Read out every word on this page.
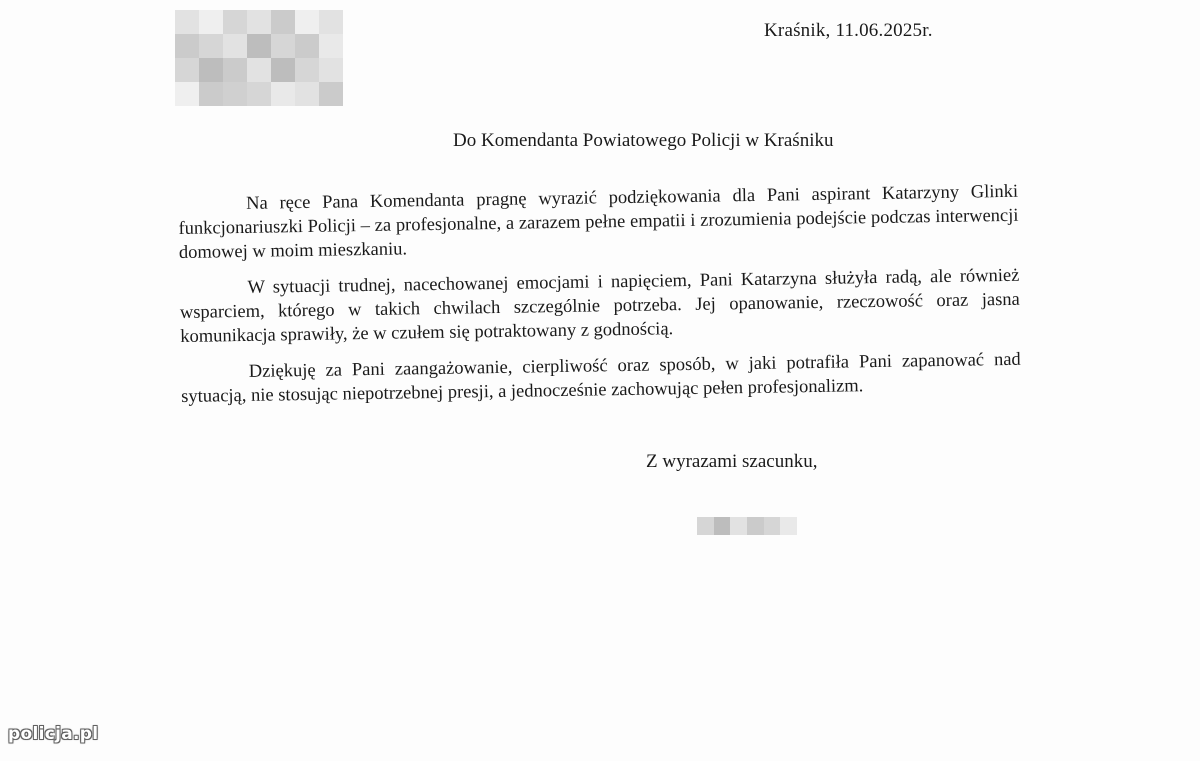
Kraśnik, 11.06.2025r.
Do Komendanta Powiatowego Policji w Kraśniku

Na ręce Pana Komendanta pragnę wyrazić podziękowania dla Pani aspirant Katarzyny Glinki funkcjonariuszki Policji – za profesjonalne, a zarazem pełne empatii i zrozumienia podejście podczas interwencji domowej w moim mieszkaniu.

W sytuacji trudnej, nacechowanej emocjami i napięciem, Pani Katarzyna służyła radą, ale również wsparciem, którego w takich chwilach szczególnie potrzeba. Jej opanowanie, rzeczowość oraz jasna komunikacja sprawiły, że w czułem się potraktowany z godnością.

Dziękuję za Pani zaangażowanie, cierpliwość oraz sposób, w jaki potrafiła Pani zapanować nad sytuacją, nie stosując niepotrzebnej presji, a jednocześnie zachowując pełen profesjonalizm.

Z wyrazami szacunku,
policja.pl
